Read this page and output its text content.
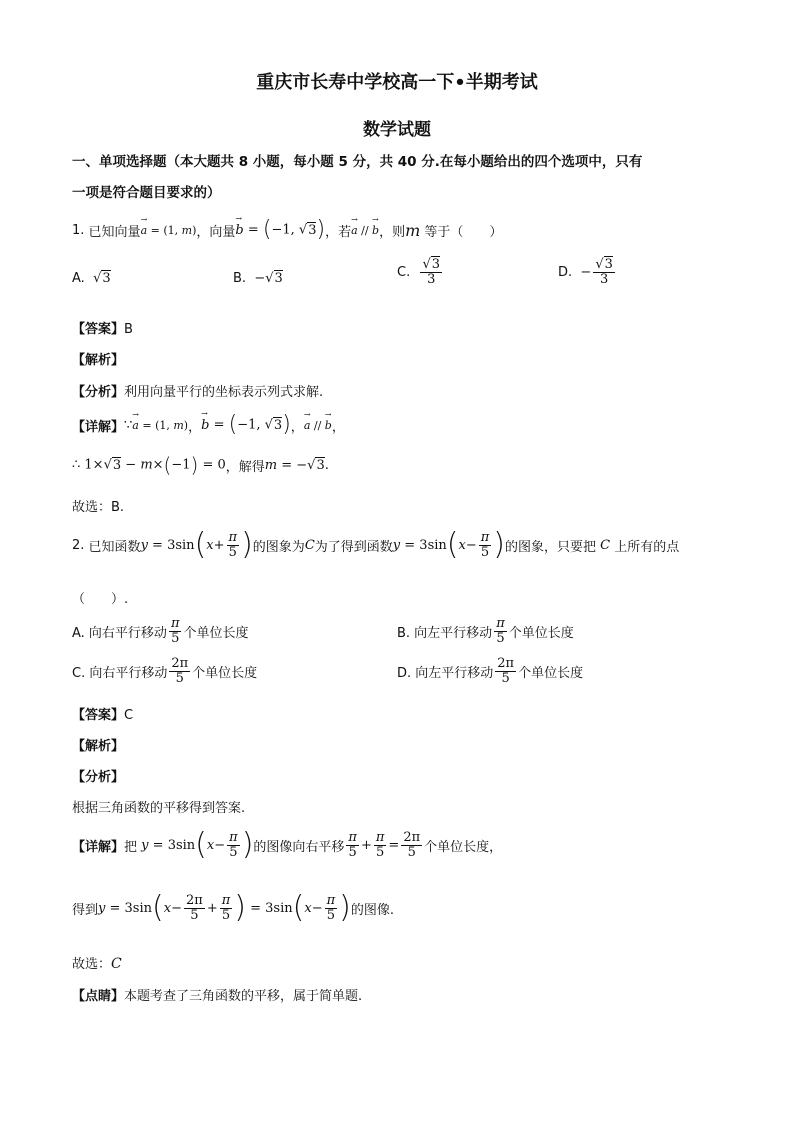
重庆市长寿中学校高一下•半期考试
数学试题
一、单项选择题（本大题共 8 小题，每小题 5 分，共 40 分.在每小题给出的四个选项中，只有
一项是符合题目要求的）
1.
已知向量 → a = (1, m) ，向量 → b = (−1, √3) ，若 → a // → b ，则 m
等于（　　）
A.
√3	B.
−√3	C.
$\frac{√3}{3}$	D.
− $\frac{√3}{3}$
【答案】B
【解析】
【分析】利用向量平行的坐标表示列式求解.
【详解】 ∵ → a = (1, m) ， → b = (−1, √3) ， → a // → b ，
∴ 1×√3 − m×(−1) = 0 ，解得 m = −√3.
故选：B.
2.
已知函数 y = 3sin ( $x + \frac{\pi}{5}$ ) 的图象为 C 为了得到函数 y = 3sin ( $x - \frac{\pi}{5}$ ) 的图象，只要把
C
上所有的点
（　　）.
A. 向右平行移动 $\frac{\pi}{5}$ 个单位长度	B. 向左平行移动 $\frac{\pi}{5}$ 个单位长度
C. 向右平行移动 $\frac{2\pi}{5}$ 个单位长度	D. 向左平行移动 $\frac{2\pi}{5}$ 个单位长度
【答案】C
【解析】
【分析】
根据三角函数的平移得到答案.
【详解】 把
y = 3sin ( $x - \frac{\pi}{5}$ ) 的图像向右平移 $\frac{\pi}{5} + \frac{\pi}{5} = \frac{2\pi}{5}$ 个单位长度，
得到 y = 3sin ( $x - \frac{2\pi}{5} + \frac{\pi}{5}$ ) = 3sin ( $x - \frac{\pi}{5}$ ) 的图像.
故选：C
【点睛】本题考查了三角函数的平移，属于简单题.
